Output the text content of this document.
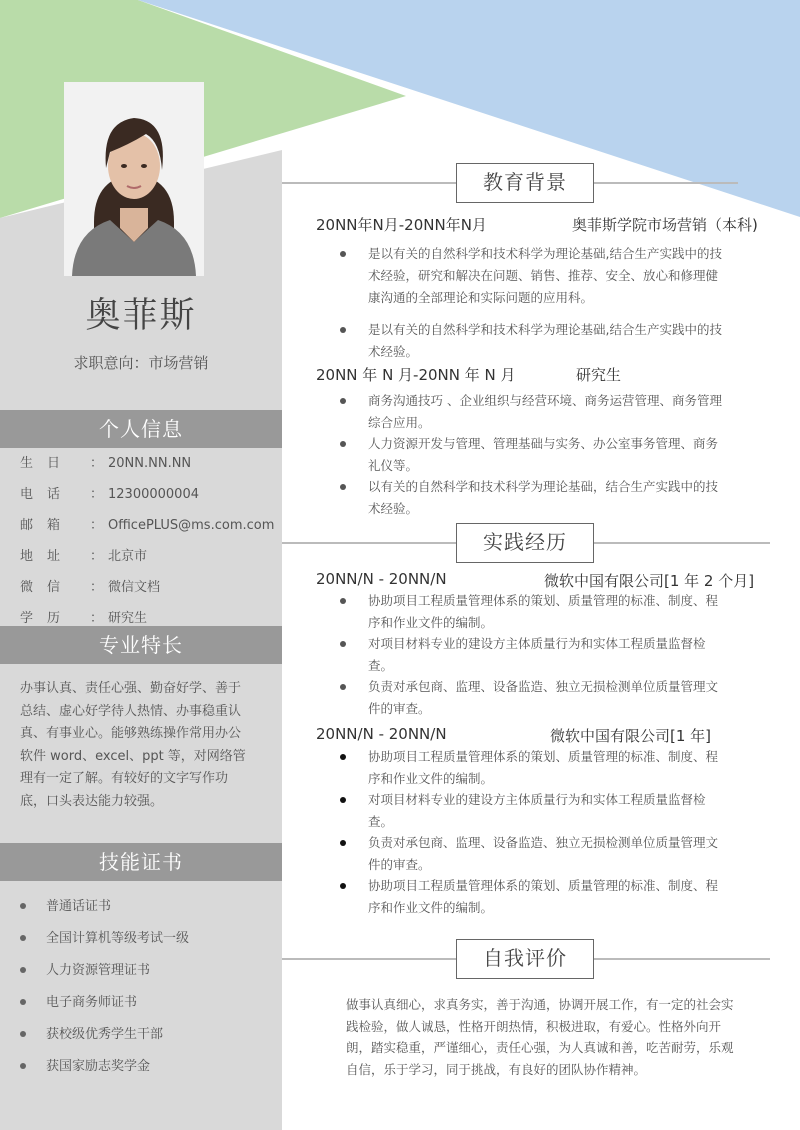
奥菲斯
求职意向：市场营销
个人信息
生日 ： 20NN.NN.NN
电话 ： 12300000004
邮箱 ： OfficePLUS@ms.com.com
地址 ： 北京市
微信 ： 微信文档
学历 ： 研究生
专业特长
办事认真、责任心强、勤奋好学、善于总结、虚心好学待人热情、办事稳重认真、有事业心。能够熟练操作常用办公软件 word、excel、ppt 等，对网络管理有一定了解。有较好的文字写作功底，口头表达能力较强。
技能证书
普通话证书
全国计算机等级考试一级
人力资源管理证书
电子商务师证书
获校级优秀学生干部
获国家励志奖学金
教育背景
20NN年N月-20NN年N月	奥菲斯学院市场营销（本科)
是以有关的自然科学和技术科学为理论基础,结合生产实践中的技术经验，研究和解决在问题、销售、推荐、安全、放心和修理健康沟通的全部理论和实际问题的应用科。
是以有关的自然科学和技术科学为理论基础,结合生产实践中的技术经验。
20NN 年 N 月-20NN 年 N 月	研究生
商务沟通技巧 、企业组织与经营环境、商务运营管理、商务管理综合应用。
人力资源开发与管理、管理基础与实务、办公室事务管理、商务礼仪等。
以有关的自然科学和技术科学为理论基础，结合生产实践中的技术经验。
实践经历
20NN/N - 20NN/N	微软中国有限公司[1 年 2 个月]
协助项目工程质量管理体系的策划、质量管理的标准、制度、程序和作业文件的编制。
对项目材料专业的建设方主体质量行为和实体工程质量监督检查。
负责对承包商、监理、设备监造、独立无损检测单位质量管理文件的审查。
20NN/N - 20NN/N	微软中国有限公司[1 年]
协助项目工程质量管理体系的策划、质量管理的标准、制度、程序和作业文件的编制。
对项目材料专业的建设方主体质量行为和实体工程质量监督检查。
负责对承包商、监理、设备监造、独立无损检测单位质量管理文件的审查。
协助项目工程质量管理体系的策划、质量管理的标准、制度、程序和作业文件的编制。
自我评价
做事认真细心，求真务实，善于沟通，协调开展工作，有一定的社会实践检验，做人诚恳，性格开朗热情，积极进取，有爱心。性格外向开朗，踏实稳重，严谨细心，责任心强，为人真诚和善，吃苦耐劳，乐观自信，乐于学习，同于挑战，有良好的团队协作精神。
